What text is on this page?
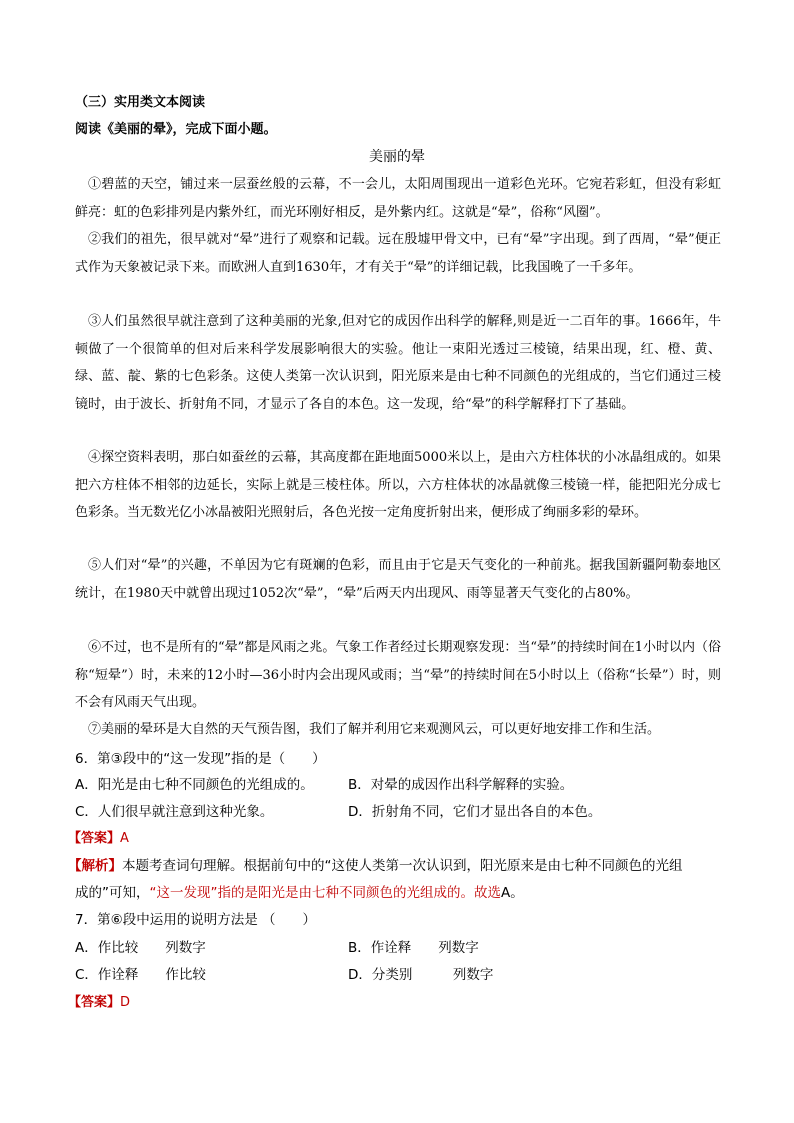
（三）实用类文本阅读
阅读《美丽的晕》，完成下面小题。
美丽的晕
①碧蓝的天空，铺过来一层蚕丝般的云幕，不一会儿，太阳周围现出一道彩色光环。它宛若彩虹，但没有彩虹鲜亮：虹的色彩排列是内紫外红，而光环刚好相反，是外紫内红。这就是“晕”，俗称“风圈”。
②我们的祖先，很早就对“晕”进行了观察和记载。远在殷墟甲骨文中，已有“晕”字出现。到了西周，“晕”便正式作为天象被记录下来。而欧洲人直到1630年，才有关于“晕”的详细记载，比我国晚了一千多年。
③人们虽然很早就注意到了这种美丽的光象,但对它的成因作出科学的解释,则是近一二百年的事。1666年，牛顿做了一个很简单的但对后来科学发展影响很大的实验。他让一束阳光透过三棱镜，结果出现，红、橙、黄、绿、蓝、靛、紫的七色彩条。这使人类第一次认识到，阳光原来是由七种不同颜色的光组成的，当它们通过三棱镜时，由于波长、折射角不同，才显示了各自的本色。这一发现，给“晕”的科学解释打下了基础。
④探空资料表明，那白如蚕丝的云幕，其高度都在距地面5000米以上，是由六方柱体状的小冰晶组成的。如果把六方柱体不相邻的边延长，实际上就是三棱柱体。所以，六方柱体状的冰晶就像三棱镜一样，能把阳光分成七色彩条。当无数光亿小冰晶被阳光照射后，各色光按一定角度折射出来，便形成了绚丽多彩的晕环。
⑤人们对“晕”的兴趣，不单因为它有斑斓的色彩，而且由于它是天气变化的一种前兆。据我国新疆阿勒泰地区统计，在1980天中就曾出现过1052次“晕”，“晕”后两天内出现风、雨等显著天气变化的占80%。
⑥不过，也不是所有的“晕”都是风雨之兆。气象工作者经过长期观察发现：当“晕”的持续时间在1小时以内（俗称“短晕”）时，未来的12小时—36小时内会出现风或雨；当“晕”的持续时间在5小时以上（俗称“长晕”）时，则不会有风雨天气出现。
⑦美丽的晕环是大自然的天气预告图，我们了解并利用它来观测风云，可以更好地安排工作和生活。
6．第③段中的“这一发现”指的是（　　）
A．阳光是由七种不同颜色的光组成的。	B．对晕的成因作出科学解释的实验。
C．人们很早就注意到这种光象。	D．折射角不同，它们才显出各自的本色。
【答案】A
【解析】本题考查词句理解。根据前句中的“这使人类第一次认识到，阳光原来是由七种不同颜色的光组
成的”可知，“这一发现”指的是阳光是由七种不同颜色的光组成的。故选A。
7．第⑥段中运用的说明方法是 （　　）
A．作比较　　列数字	B．作诠释　　列数字
C．作诠释　　作比较	D．分类别　　　列数字
【答案】D
